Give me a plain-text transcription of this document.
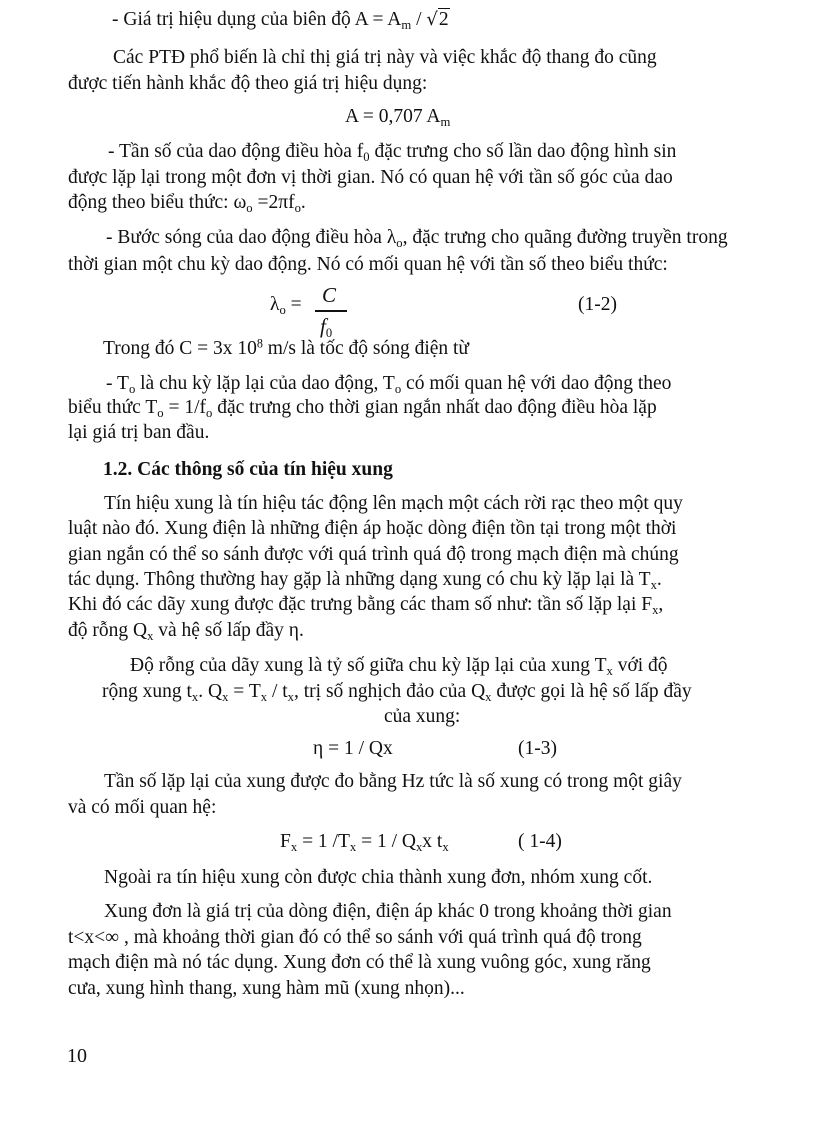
- Giá trị hiệu dụng của biên độ $A = A_m / √2$
Các PTĐ phổ biến là chỉ thị giá trị này và việc khắc độ thang đo cũng
được tiến hành khắc độ theo giá trị hiệu dụng:
A = 0,707 $A_m$
- Tần số của dao động điều hòa $f_0$ đặc trưng cho số lần dao động hình sin
được lặp lại trong một đơn vị thời gian. Nó có quan hệ với tần số góc của dao
động theo biểu thức: $\omega_o =2\pi f_o$.
- Bước sóng của dao động điều hòa $\lambda_o$, đặc trưng cho quãng đường truyền trong
thời gian một chu kỳ dao động. Nó có mối quan hệ với tần số theo biểu thức:
$\lambda_o = C$
$f_0$
(1-2)
Trong đó C = 3x $10^8$ m/s là tốc độ sóng điện từ
- $T_o$ là chu kỳ lặp lại của dao động, $T_o$ có mối quan hệ với dao động theo
biểu thức $T_o = 1/f_o$ đặc trưng cho thời gian ngắn nhất dao động điều hòa lặp
lại giá trị ban đầu.
1.2. Các thông số của tín hiệu xung
Tín hiệu xung là tín hiệu tác động lên mạch một cách rời rạc theo một quy
luật nào đó. Xung điện là những điện áp hoặc dòng điện tồn tại trong một thời
gian ngắn có thể so sánh được với quá trình quá độ trong mạch điện mà chúng
tác dụng. Thông thường hay gặp là những dạng xung có chu kỳ lặp lại là $T_x$.
Khi đó các dãy xung được đặc trưng bằng các tham số như: tần số lặp lại $F_x$,
độ rỗng $Q_x$ và hệ số lấp đầy η.
Độ rỗng của dãy xung là tỷ số giữa chu kỳ lặp lại của xung $T_x$ với độ
rộng xung $t_x$. $Q_x = T_x / t_x$, trị số nghịch đảo của $Q_x$ được gọi là hệ số lấp đầy
của xung:
η = 1 / Qx	(1-3)
Tần số lặp lại của xung được đo bằng Hz tức là số xung có trong một giây
và có mối quan hệ:
$F_x = 1$ $/T_x = 1 / Q_xx$ $t_x$	( 1-4)
Ngoài ra tín hiệu xung còn được chia thành xung đơn, nhóm xung cốt.
Xung đơn là giá trị của dòng điện, điện áp khác 0 trong khoảng thời gian
t<x<∞ , mà khoảng thời gian đó có thể so sánh với quá trình quá độ trong
mạch điện mà nó tác dụng. Xung đơn có thể là xung vuông góc, xung răng
cưa, xung hình thang, xung hàm mũ (xung nhọn)...
10
